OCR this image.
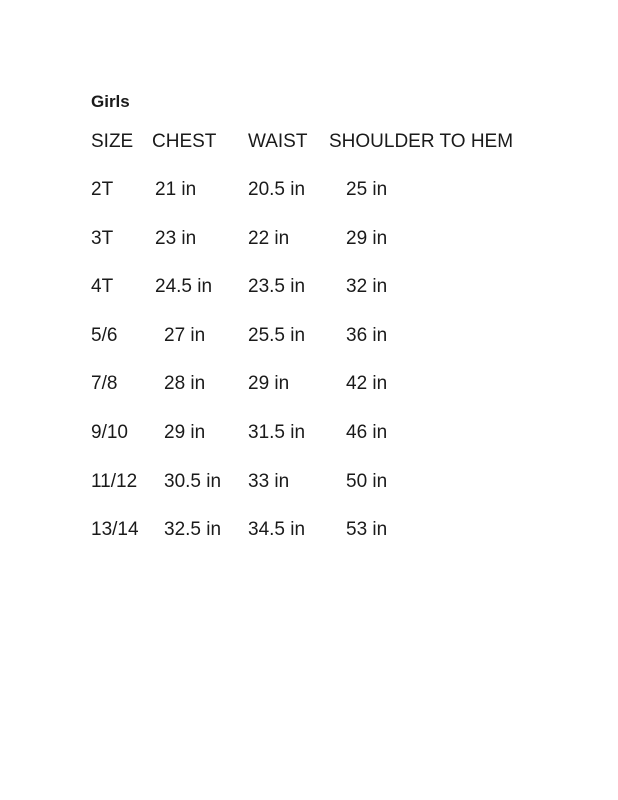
Girls
SIZE CHEST WAIST SHOULDER TO HEM
2T 21 in	20.5 in 25 in
3T 23 in	22 in	29 in
4T 24.5 in 23.5 in 32 in
5/6 27 in 25.5 in 36 in
7/8 28 in 29 in	42 in
9/10 29 in 31.5 in 46 in
11/12 30.5 in 33 in	50 in
13/14 32.5 in 34.5 in 53 in
